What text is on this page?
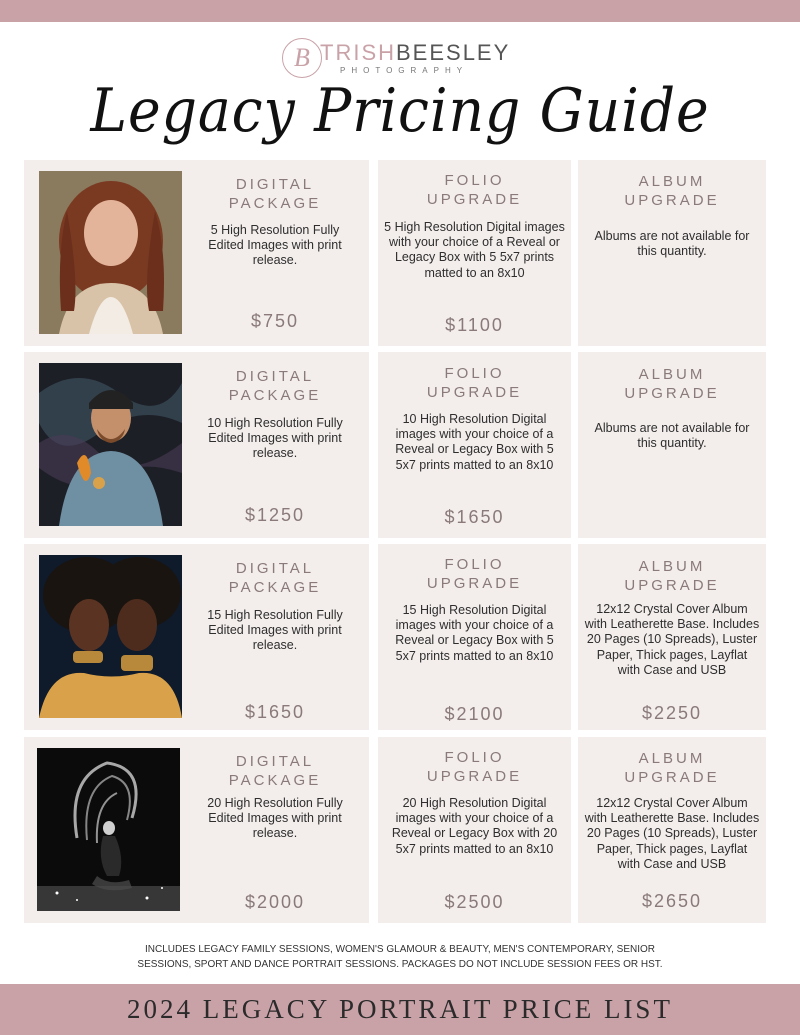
B TRISHBEESLEY
PHOTOGRAPHY
Legacy Pricing Guide
DIGITAL
PACKAGE
5 High Resolution Fully Edited Images with print release.
$750
FOLIO
UPGRADE
5 High Resolution Digital images with your choice of a Reveal or Legacy Box with 5 5x7 prints matted to an 8x10
$1100
ALBUM
UPGRADE
Albums are not available for this quantity.
DIGITAL
PACKAGE
10 High Resolution Fully Edited Images with print release.
$1250
FOLIO
UPGRADE
10 High Resolution Digital images with your choice of a Reveal or Legacy Box with 5 5x7 prints matted to an 8x10
$1650
ALBUM
UPGRADE
Albums are not available for this quantity.
DIGITAL
PACKAGE
15 High Resolution Fully Edited Images with print release.
$1650
FOLIO
UPGRADE
15 High Resolution Digital images with your choice of a Reveal or Legacy Box with 5 5x7 prints matted to an 8x10
$2100
ALBUM
UPGRADE
12x12 Crystal Cover Album with Leatherette Base. Includes 20 Pages (10 Spreads), Luster Paper, Thick pages, Layflat with Case and USB
$2250
DIGITAL
PACKAGE
20 High Resolution Fully Edited Images with print release.
$2000
FOLIO
UPGRADE
20 High Resolution Digital images with your choice of a Reveal or Legacy Box with 20 5x7 prints matted to an 8x10
$2500
ALBUM
UPGRADE
12x12 Crystal Cover Album with Leatherette Base. Includes 20 Pages (10 Spreads), Luster Paper, Thick pages, Layflat with Case and USB
$2650
INCLUDES LEGACY FAMILY SESSIONS, WOMEN'S GLAMOUR & BEAUTY, MEN'S CONTEMPORARY, SENIOR
SESSIONS, SPORT AND DANCE PORTRAIT SESSIONS. PACKAGES DO NOT INCLUDE SESSION FEES OR HST.
2024 LEGACY PORTRAIT PRICE LIST
